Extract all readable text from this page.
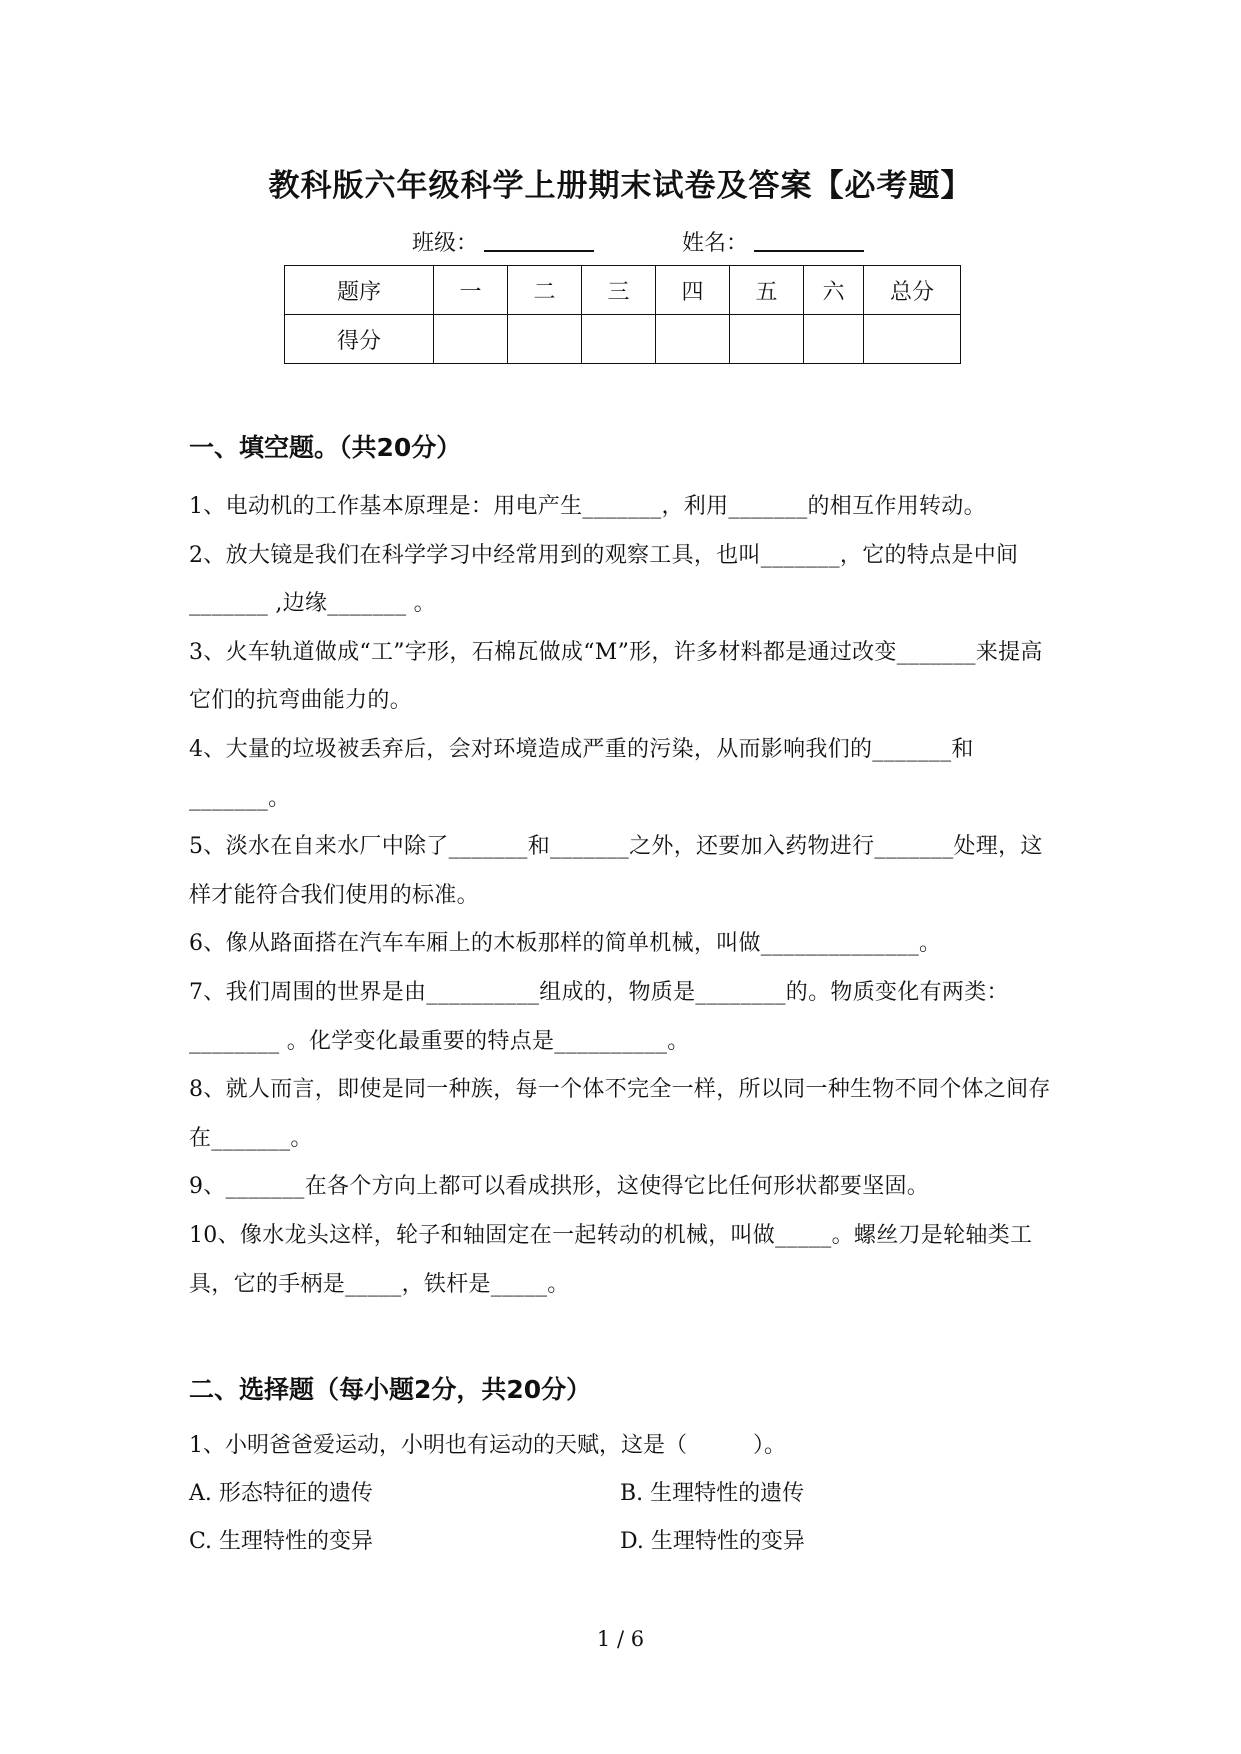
教科版六年级科学上册期末试卷及答案【必考题】
班级：	姓名：
题序	一	二	三	四	五	六	总分
得分							
一、填空题。（共20分）

1、电动机的工作基本原理是：用电产生_______，利用_______的相互作用转动。

2、放大镜是我们在科学学习中经常用到的观察工具，也叫_______，它的特点是中间_______ ,边缘_______ 。

3、火车轨道做成“工”字形，石棉瓦做成“M”形，许多材料都是通过改变_______来提高它们的抗弯曲能力的。

4、大量的垃圾被丢弃后，会对环境造成严重的污染，从而影响我们的_______和_______。

5、淡水在自来水厂中除了_______和_______之外，还要加入药物进行_______处理，这样才能符合我们使用的标准。

6、像从路面搭在汽车车厢上的木板那样的简单机械，叫做______________。

7、我们周围的世界是由__________组成的，物质是________的。物质变化有两类：________ 。化学变化最重要的特点是__________。

8、就人而言，即使是同一种族，每一个体不完全一样，所以同一种生物不同个体之间存在_______。

9、_______在各个方向上都可以看成拱形，这使得它比任何形状都要坚固。

10、像水龙头这样，轮子和轴固定在一起转动的机械，叫做_____。螺丝刀是轮轴类工具，它的手柄是_____，铁杆是_____。

二、选择题（每小题2分，共20分）
1、小明爸爸爱运动，小明也有运动的天赋，这是（　　　）。
A. 形态特征的遗传	B. 生理特性的遗传
C. 生理特性的变异	D. 生理特性的变异
1 / 6
